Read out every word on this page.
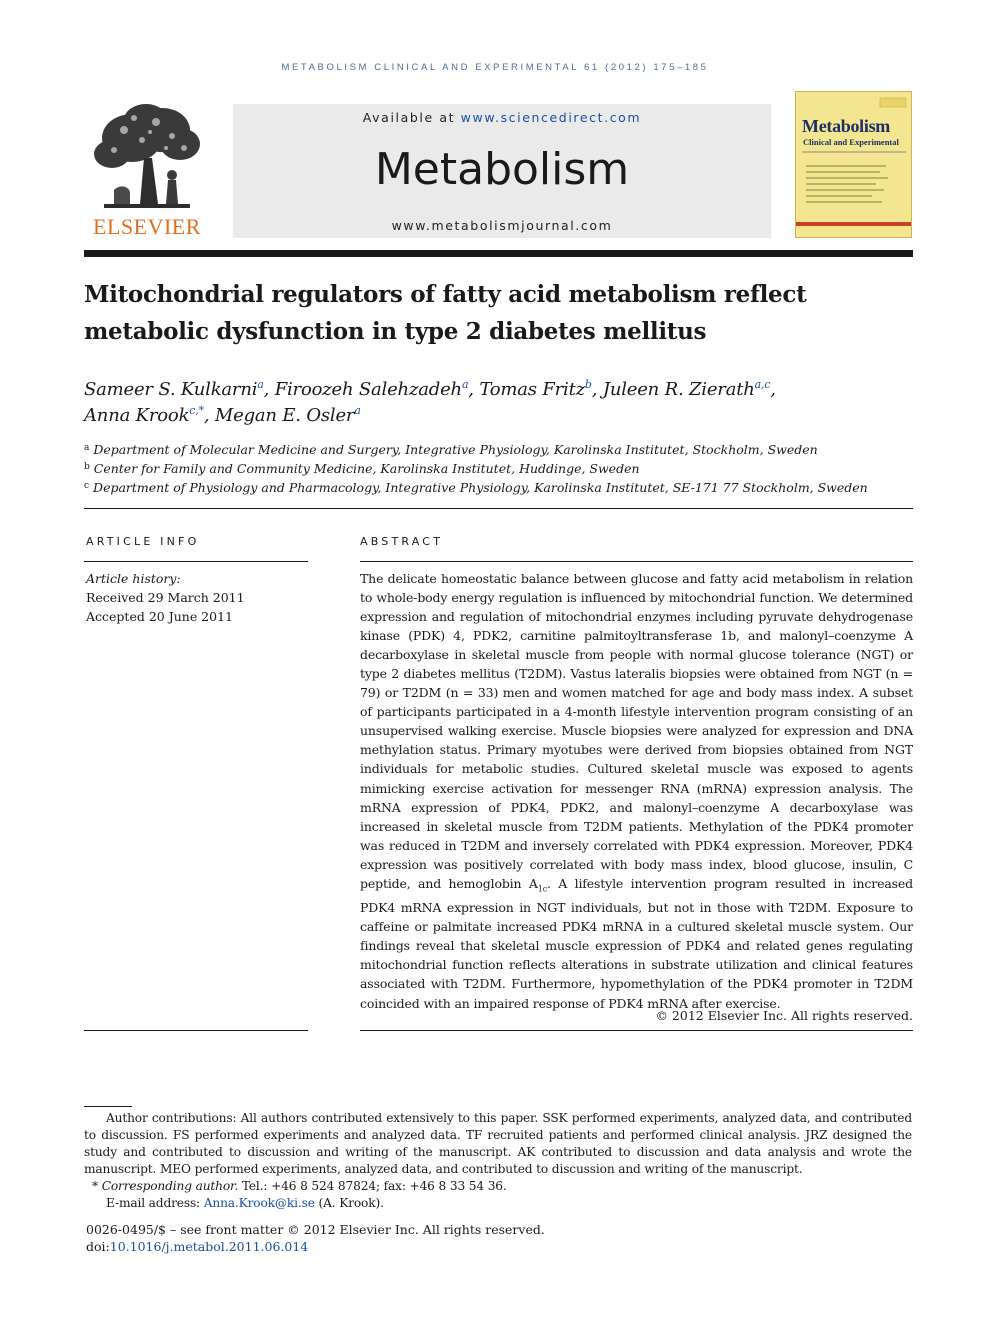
METABOLISM CLINICAL AND EXPERIMENTAL 61 (2012) 175–185
ELSEVIER
Available at www.sciencedirect.com
Metabolism
www.metabolismjournal.com
Metabolism
Clinical and Experimental
Mitochondrial regulators of fatty acid metabolism reflect metabolic dysfunction in type 2 diabetes mellitus
Sameer S. Kulkarni$^a$, Firoozeh Salehzadeh$^a$, Tomas Fritz$^b$, Juleen R. Zierath$^{a,c}$,
Anna Krook$^{c,*}$, Megan E. Osler$^a$
$^a$ Department of Molecular Medicine and Surgery, Integrative Physiology, Karolinska Institutet, Stockholm, Sweden
$^b$ Center for Family and Community Medicine, Karolinska Institutet, Huddinge, Sweden
$^c$ Department of Physiology and Pharmacology, Integrative Physiology, Karolinska Institutet, SE-171 77 Stockholm, Sweden
ARTICLE INFO	ABSTRACT
Article history:
Received 29 March 2011
Accepted 20 June 2011

The delicate homeostatic balance between glucose and fatty acid metabolism in relation to whole-body energy regulation is influenced by mitochondrial function. We determined expression and regulation of mitochondrial enzymes including pyruvate dehydrogenase kinase (PDK) 4, PDK2, carnitine palmitoyltransferase 1b, and malonyl–coenzyme A decarboxylase in skeletal muscle from people with normal glucose tolerance (NGT) or type 2 diabetes mellitus (T2DM). Vastus lateralis biopsies were obtained from NGT (n = 79) or T2DM (n = 33) men and women matched for age and body mass index. A subset of participants participated in a 4-month lifestyle intervention program consisting of an unsupervised walking exercise. Muscle biopsies were analyzed for expression and DNA methylation status. Primary myotubes were derived from biopsies obtained from NGT individuals for metabolic studies. Cultured skeletal muscle was exposed to agents mimicking exercise activation for messenger RNA (mRNA) expression analysis. The mRNA expression of PDK4, PDK2, and malonyl–coenzyme A decarboxylase was increased in skeletal muscle from T2DM patients. Methylation of the PDK4 promoter was reduced in T2DM and inversely correlated with PDK4 expression. Moreover, PDK4 expression was positively correlated with body mass index, blood glucose, insulin, C peptide, and hemoglobin $A_{1c}$. A lifestyle intervention program resulted in increased PDK4 mRNA expression in NGT individuals, but not in those with T2DM. Exposure to caffeine or palmitate increased PDK4 mRNA in a cultured skeletal muscle system. Our findings reveal that skeletal muscle expression of PDK4 and related genes regulating mitochondrial function reflects alterations in substrate utilization and clinical features associated with T2DM. Furthermore, hypomethylation of the PDK4 promoter in T2DM coincided with an impaired response of PDK4 mRNA after exercise.

© 2012 Elsevier Inc. All rights reserved.
Author contributions: All authors contributed extensively to this paper. SSK performed experiments, analyzed data, and contributed to discussion. FS performed experiments and analyzed data. TF recruited patients and performed clinical analysis. JRZ designed the study and contributed to discussion and writing of the manuscript. AK contributed to discussion and data analysis and wrote the manuscript. MEO performed experiments, analyzed data, and contributed to discussion and writing of the manuscript.
* Corresponding author. Tel.: +46 8 524 87824; fax: +46 8 33 54 36.
E-mail address: Anna.Krook@ki.se (A. Krook).
0026-0495/$ – see front matter © 2012 Elsevier Inc. All rights reserved.
doi:10.1016/j.metabol.2011.06.014
